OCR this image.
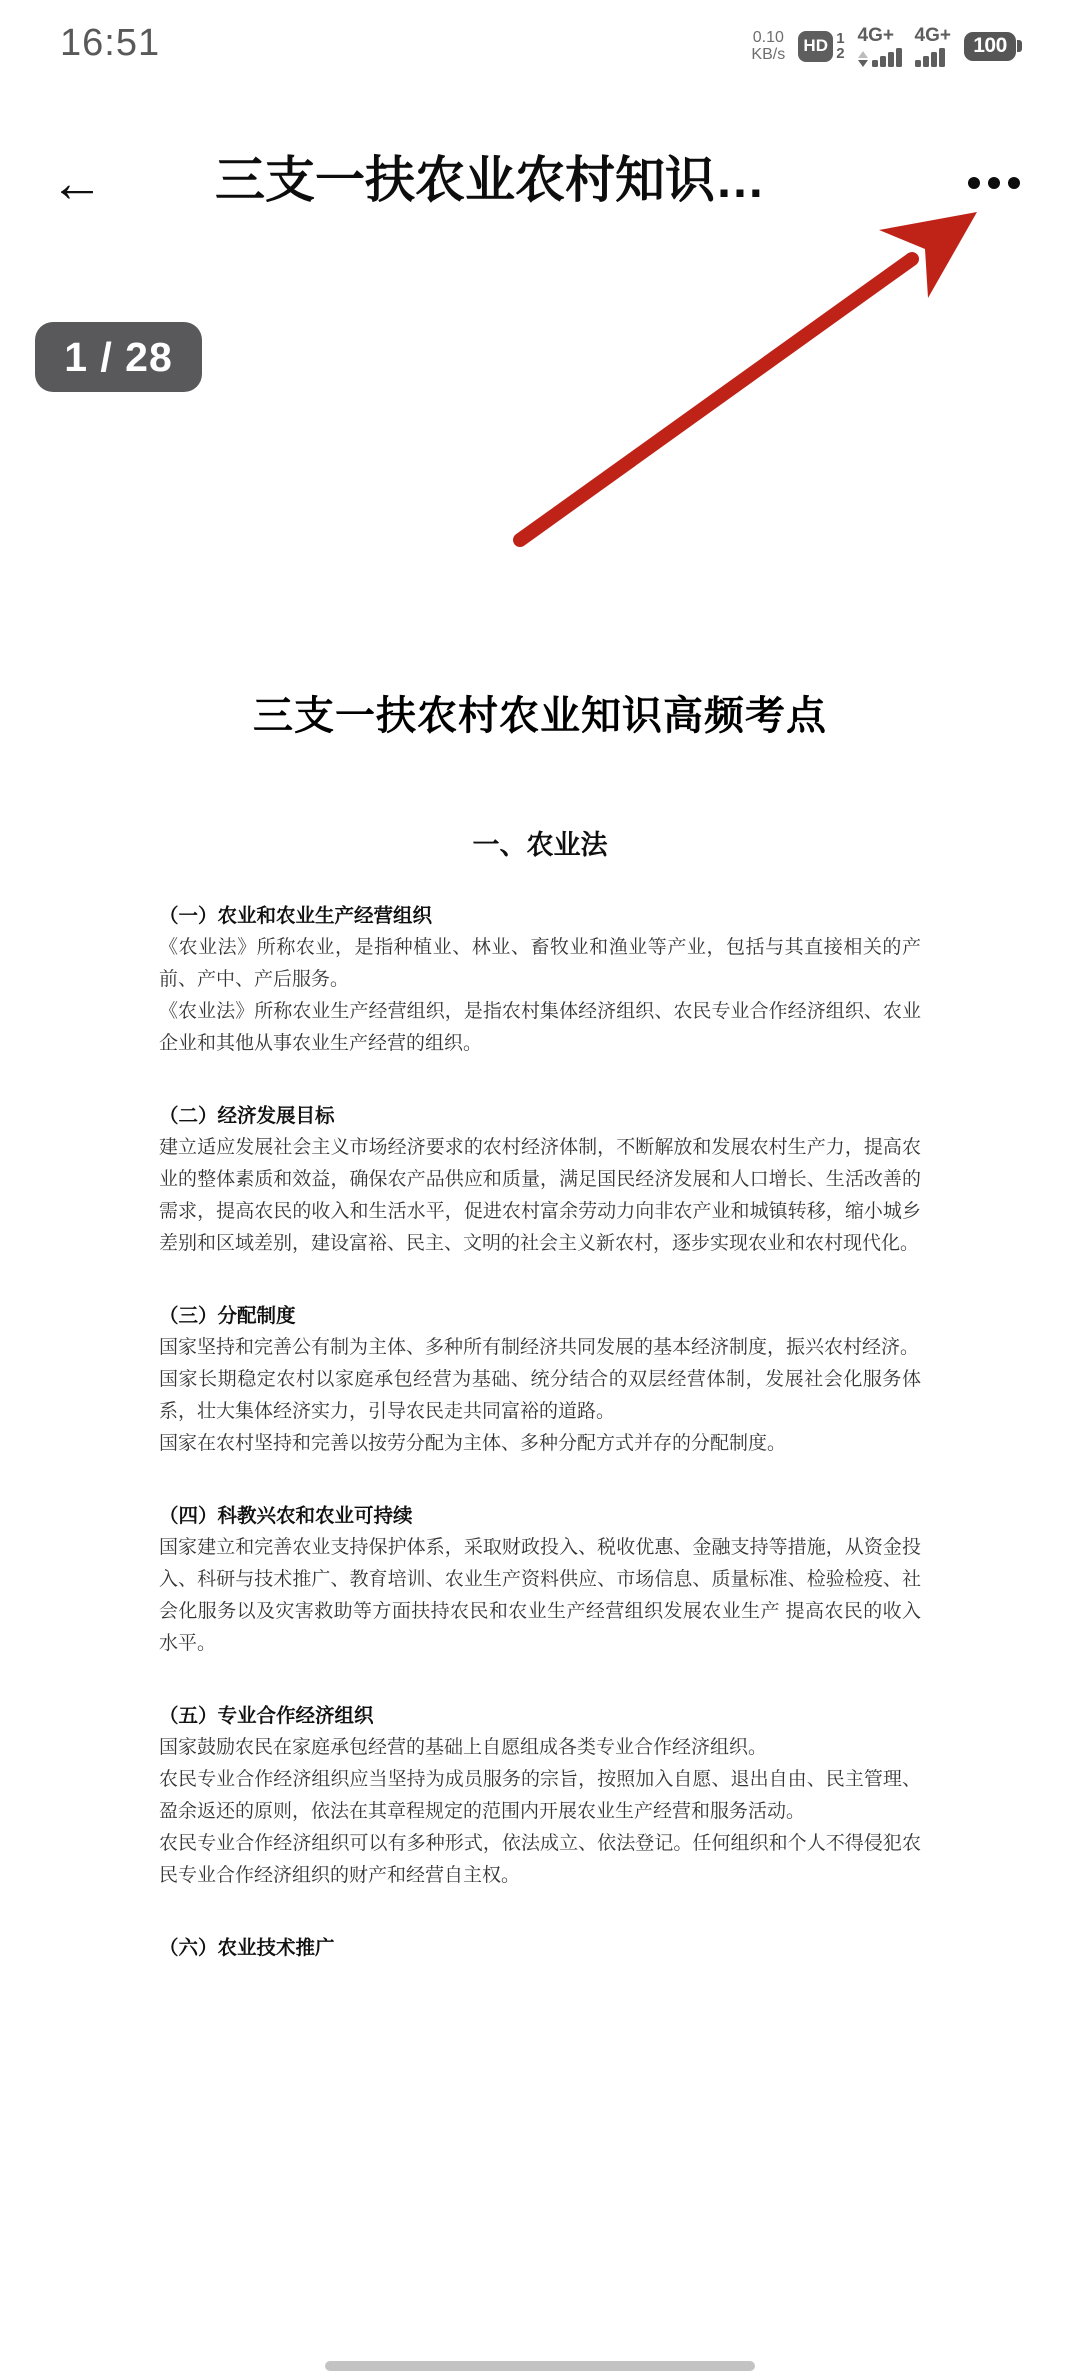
16:51	0.10
KB/s	HD 1
2
4G+ 4G+	100
← 三支一扶农业农村知识…
1 / 28
三支一扶农村农业知识高频考点
一、农业法
（一）农业和农业生产经营组织

《农业法》所称农业，是指种植业、林业、畜牧业和渔业等产业，包括与其直接相关的产前、产中、产后服务。

《农业法》所称农业生产经营组织，是指农村集体经济组织、农民专业合作经济组织、农业企业和其他从事农业生产经营的组织。

（二）经济发展目标

建立适应发展社会主义市场经济要求的农村经济体制，不断解放和发展农村生产力，提高农业的整体素质和效益，确保农产品供应和质量，满足国民经济发展和人口增长、生活改善的需求，提高农民的收入和生活水平，促进农村富余劳动力向非农产业和城镇转移，缩小城乡差别和区域差别，建设富裕、民主、文明的社会主义新农村，逐步实现农业和农村现代化。

（三）分配制度

国家坚持和完善公有制为主体、多种所有制经济共同发展的基本经济制度，振兴农村经济。

国家长期稳定农村以家庭承包经营为基础、统分结合的双层经营体制，发展社会化服务体系，壮大集体经济实力，引导农民走共同富裕的道路。

国家在农村坚持和完善以按劳分配为主体、多种分配方式并存的分配制度。

（四）科教兴农和农业可持续

国家建立和完善农业支持保护体系，采取财政投入、税收优惠、金融支持等措施，从资金投入、科研与技术推广、教育培训、农业生产资料供应、市场信息、质量标准、检验检疫、社会化服务以及灾害救助等方面扶持农民和农业生产经营组织发展农业生产 提高农民的收入水平。

（五）专业合作经济组织

国家鼓励农民在家庭承包经营的基础上自愿组成各类专业合作经济组织。

农民专业合作经济组织应当坚持为成员服务的宗旨，按照加入自愿、退出自由、民主管理、盈余返还的原则，依法在其章程规定的范围内开展农业生产经营和服务活动。

农民专业合作经济组织可以有多种形式，依法成立、依法登记。任何组织和个人不得侵犯农民专业合作经济组织的财产和经营自主权。

（六）农业技术推广
